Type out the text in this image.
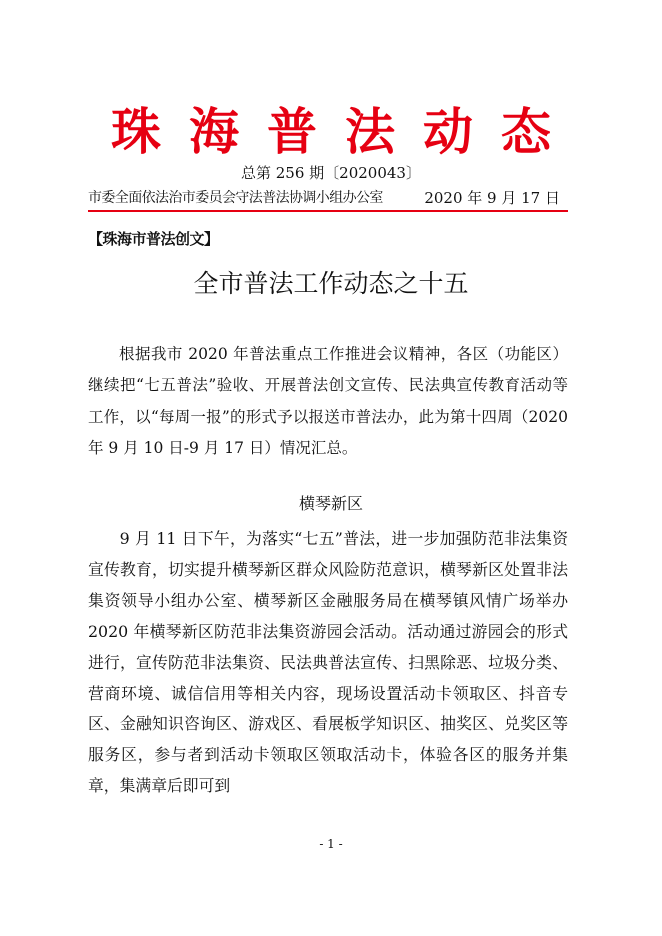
珠海普法动态
总第 256 期〔2020043〕
市委全面依法治市委员会守法普法协调小组办公室	2020 年 9 月 17 日
【珠海市普法创文】
全市普法工作动态之十五

根据我市 2020 年普法重点工作推进会议精神，各区（功能区）继续把“七五普法”验收、开展普法创文宣传、民法典宣传教育活动等工作，以“每周一报”的形式予以报送市普法办，此为第十四周（2020 年 9 月 10 日-9 月 17 日）情况汇总。

横琴新区

9 月 11 日下午，为落实“七五”普法，进一步加强防范非法集资宣传教育，切实提升横琴新区群众风险防范意识，横琴新区处置非法集资领导小组办公室、横琴新区金融服务局在横琴镇风情广场举办 2020 年横琴新区防范非法集资游园会活动。活动通过游园会的形式进行，宣传防范非法集资、民法典普法宣传、扫黑除恶、垃圾分类、营商环境、诚信信用等相关内容，现场设置活动卡领取区、抖音专区、金融知识咨询区、游戏区、看展板学知识区、抽奖区、兑奖区等服务区，参与者到活动卡领取区领取活动卡，体验各区的服务并集章，集满章后即可到

- 1 -
